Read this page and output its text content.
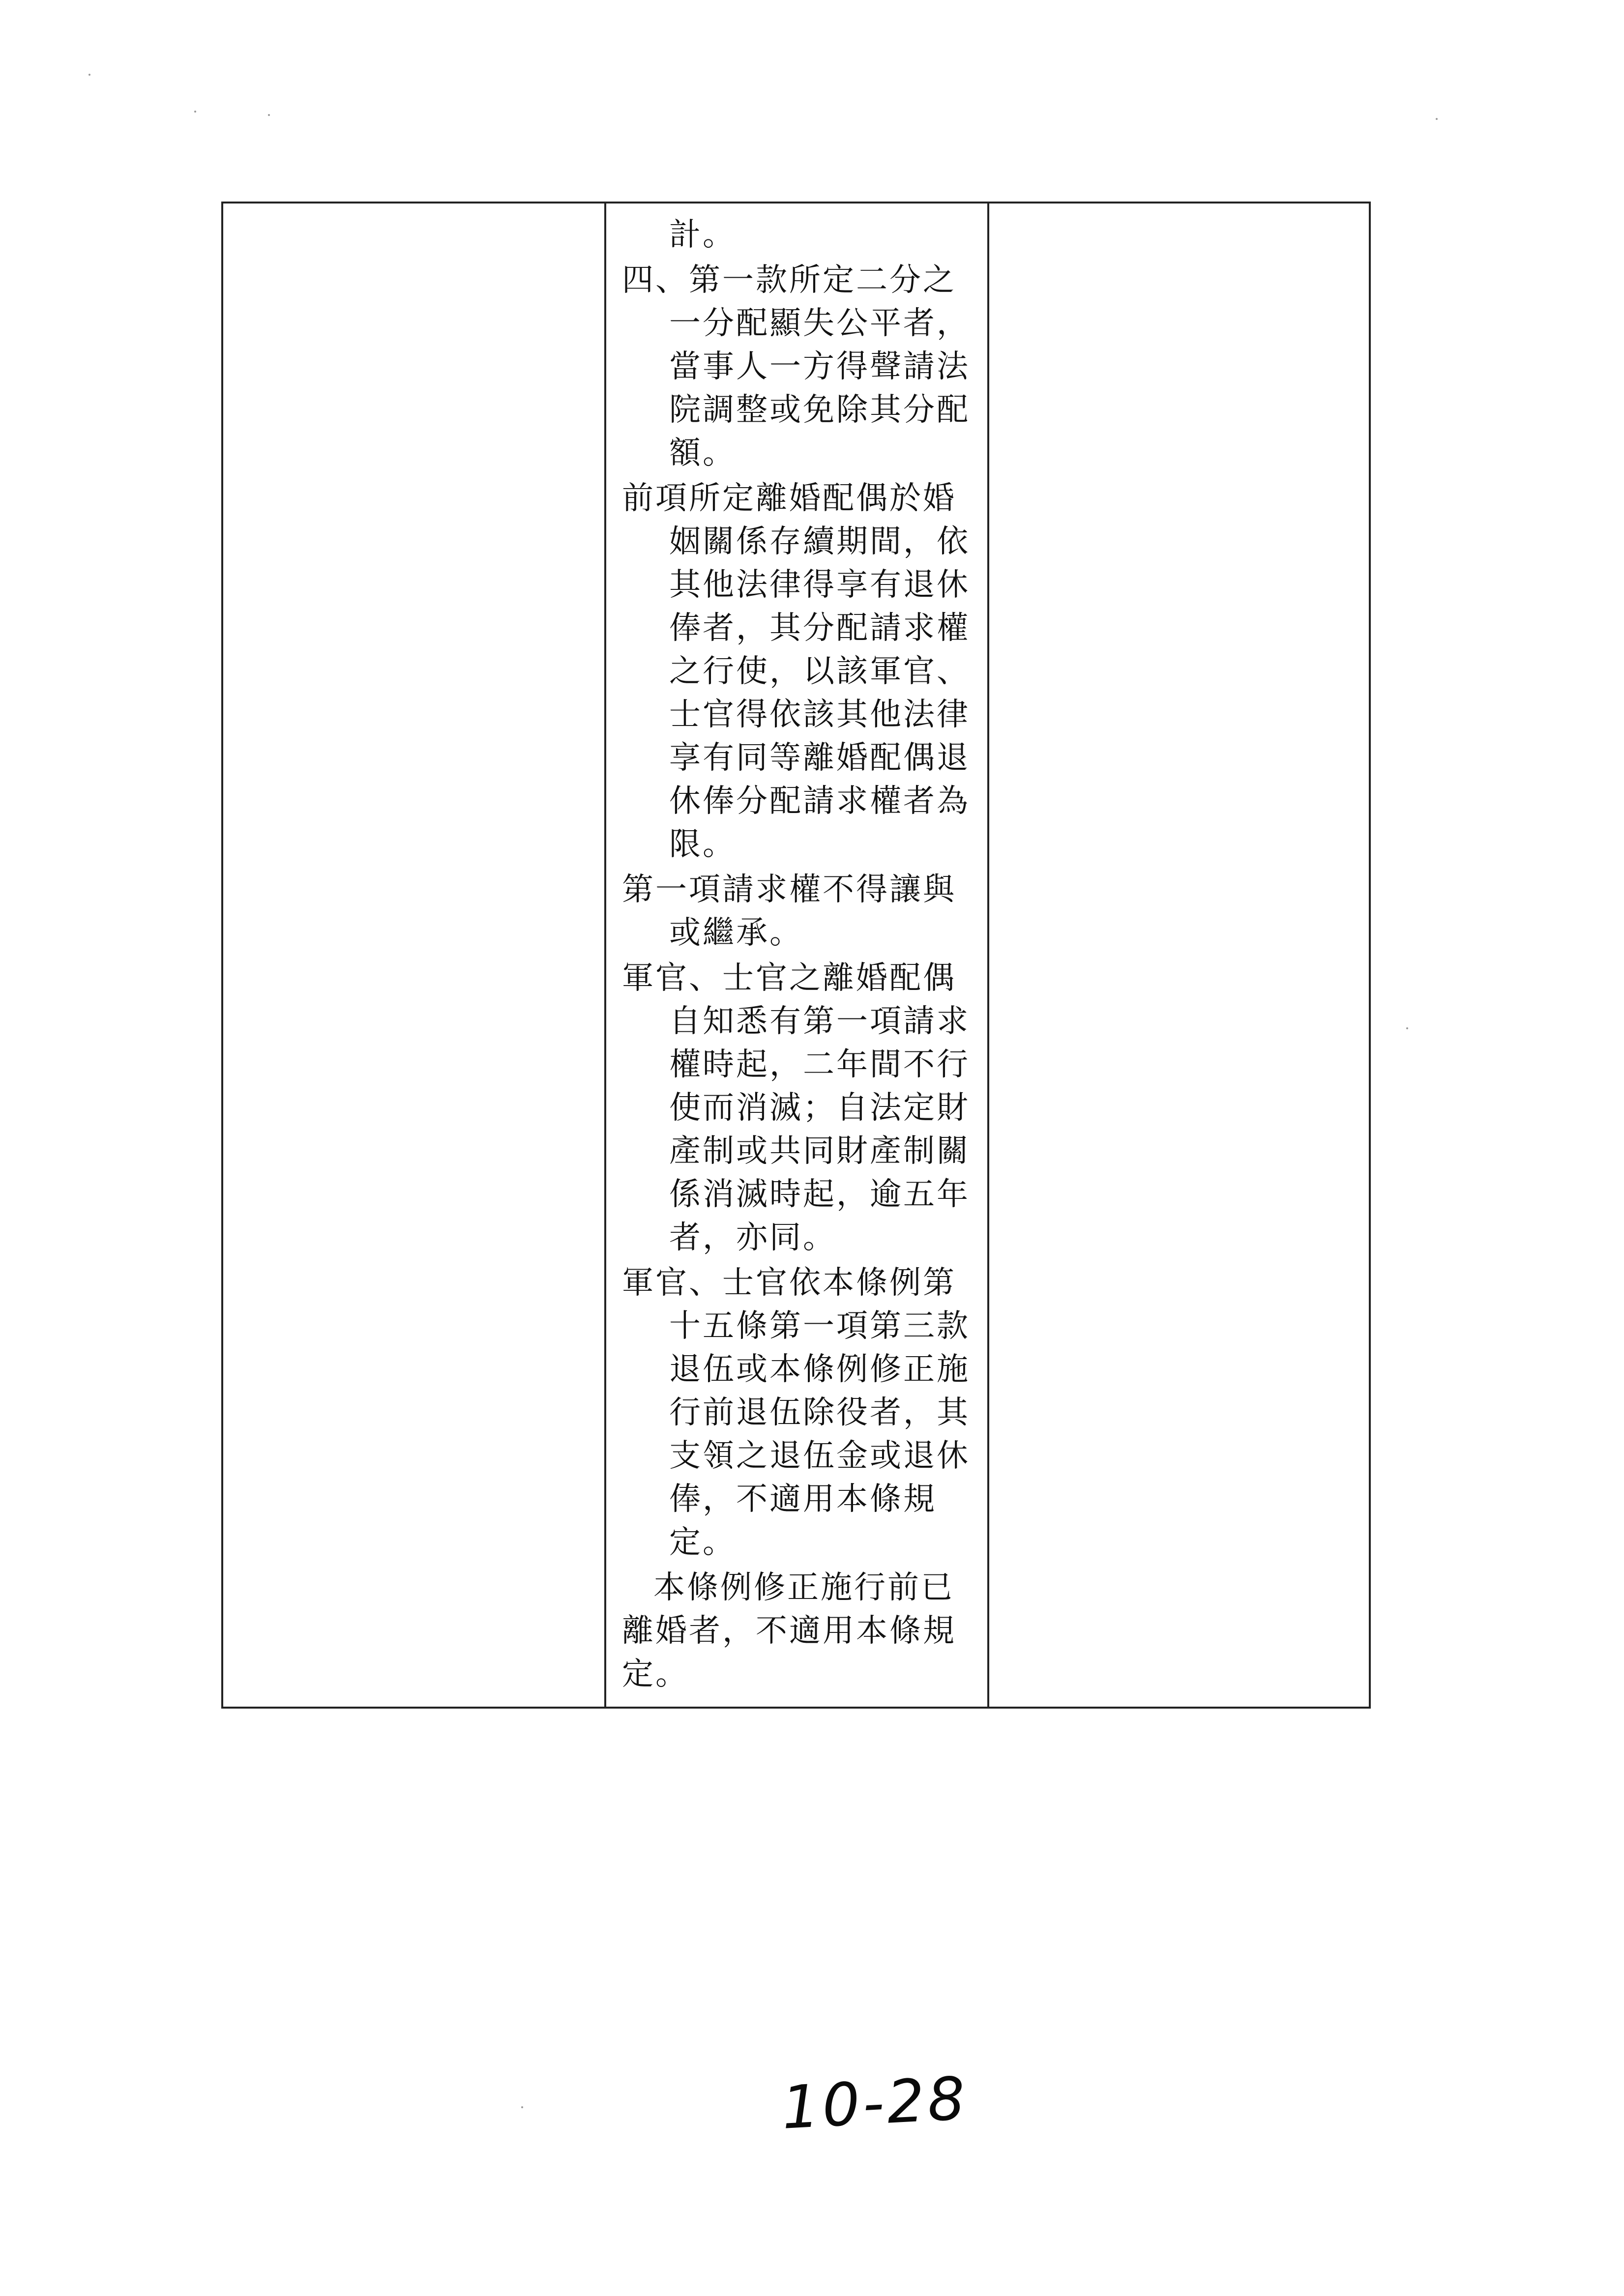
計。

四、第一款所定二分之一分配顯失公平者，當事人一方得聲請法院調整或免除其分配額。

前項所定離婚配偶於婚姻關係存續期間，依其他法律得享有退休俸者，其分配請求權之行使，以該軍官、士官得依該其他法律享有同等離婚配偶退休俸分配請求權者為限。

第一項請求權不得讓與或繼承。

軍官、士官之離婚配偶自知悉有第一項請求權時起，二年間不行使而消滅；自法定財產制或共同財產制關係消滅時起，逾五年者，亦同。

軍官、士官依本條例第十五條第一項第三款退伍或本條例修正施行前退伍除役者，其支領之退伍金或退休俸，不適用本條規定。

本條例修正施行前已離婚者，不適用本條規定。

10-28
